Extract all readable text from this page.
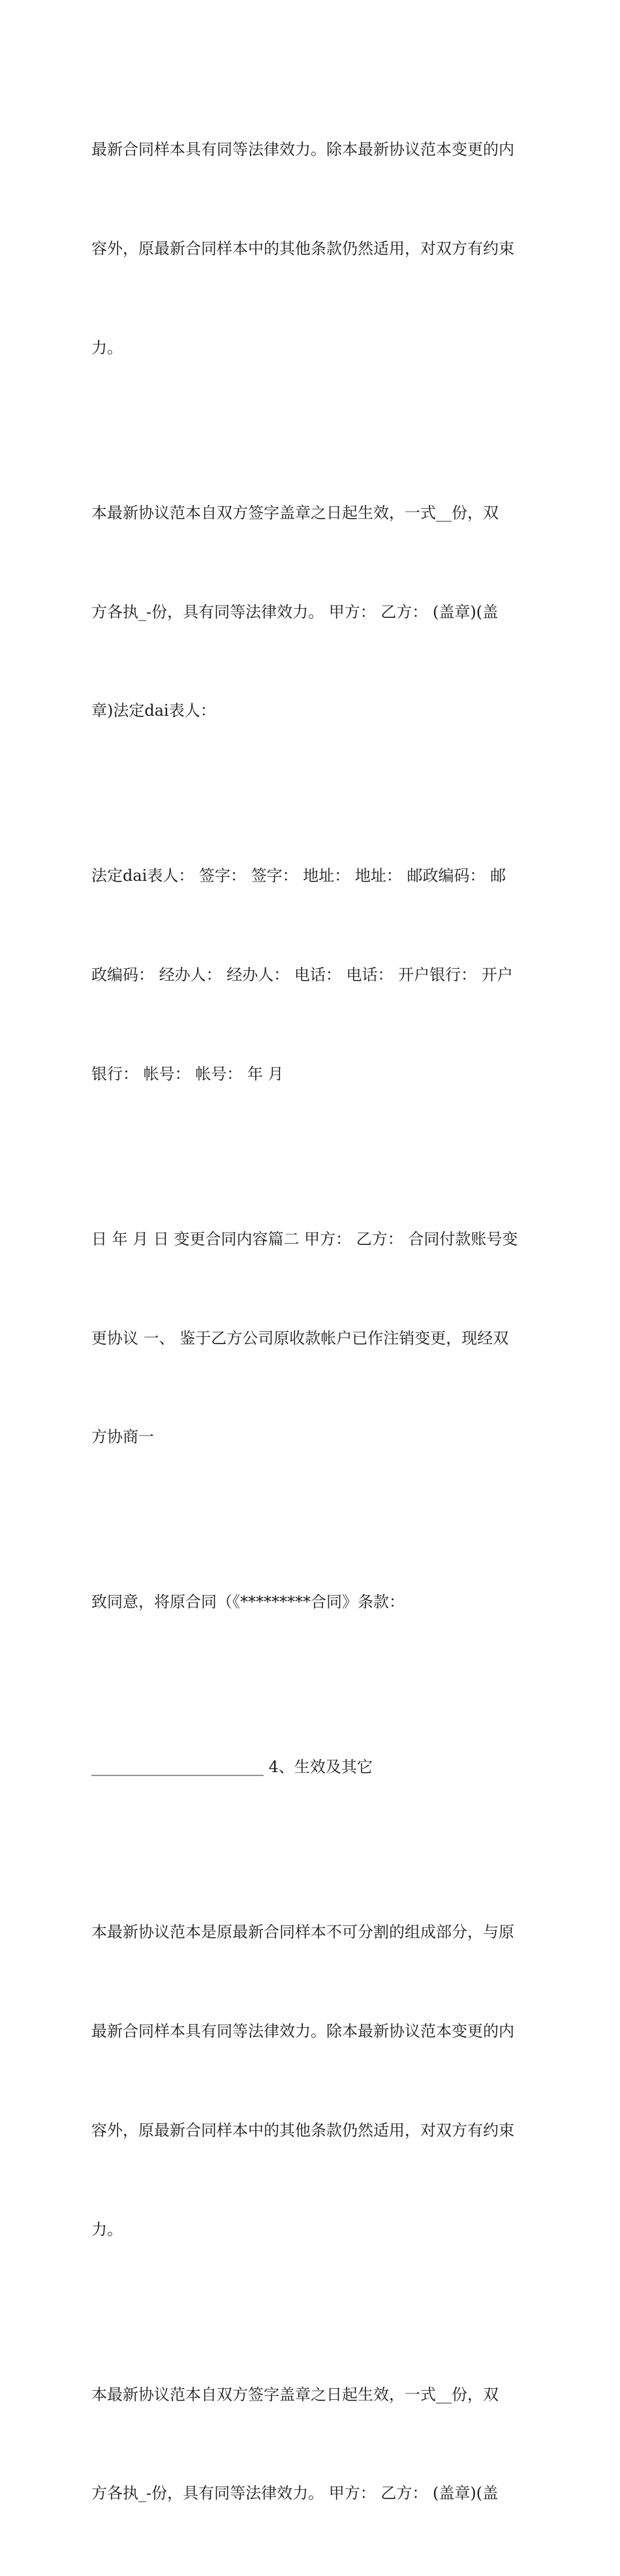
最新合同样本具有同等法律效力。除本最新协议范本变更的内

容外，原最新合同样本中的其他条款仍然适用，对双方有约束

力。

本最新协议范本自双方签字盖章之日起生效，一式__份，双

方各执_-份，具有同等法律效力。 甲方： 乙方： (盖章)(盖

章)法定dai表人：

法定dai表人： 签字： 签字： 地址： 地址： 邮政编码： 邮

政编码： 经办人： 经办人： 电话： 电话： 开户银行： 开户

银行： 帐号： 帐号： 年 月

日 年 月 日 变更合同内容篇二 甲方： 乙方： 合同付款账号变

更协议 一、 鉴于乙方公司原收款帐户已作注销变更，现经双

方协商一

致同意，将原合同（《*********合同》条款：

______________________ 4、生效及其它

本最新协议范本是原最新合同样本不可分割的组成部分，与原

最新合同样本具有同等法律效力。除本最新协议范本变更的内

容外，原最新合同样本中的其他条款仍然适用，对双方有约束

力。

本最新协议范本自双方签字盖章之日起生效，一式__份，双

方各执_-份，具有同等法律效力。 甲方： 乙方： (盖章)(盖
